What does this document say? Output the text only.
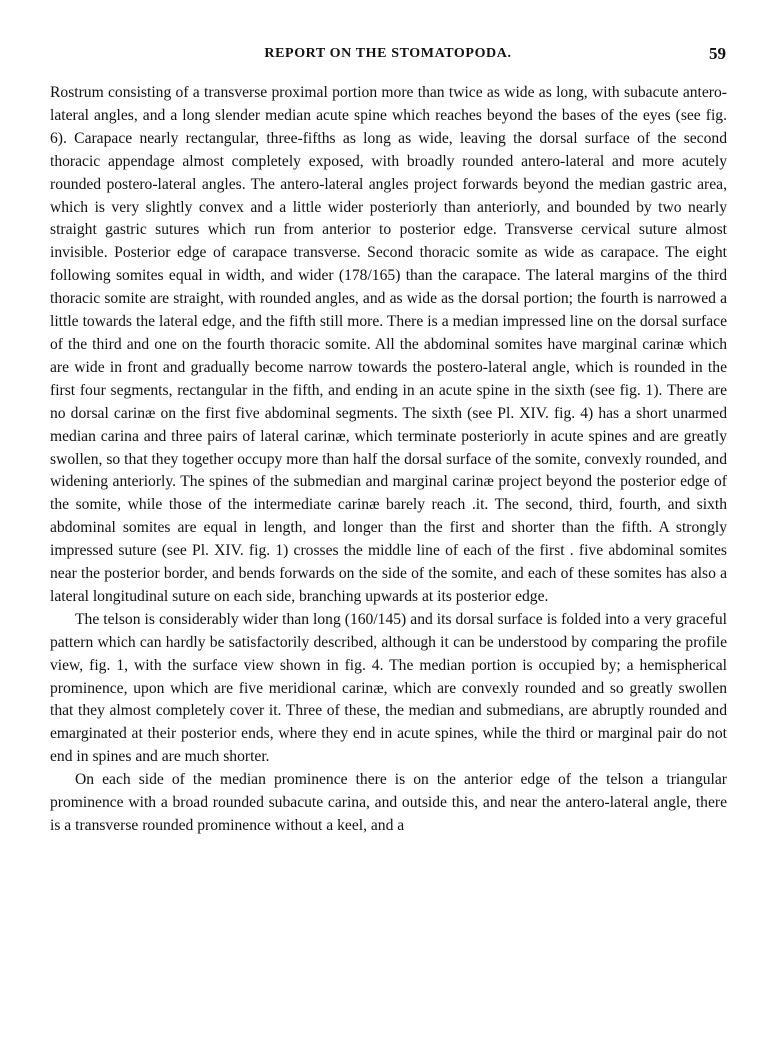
REPORT ON THE STOMATOPODA.	59

Rostrum consisting of a transverse proximal portion more than twice as wide as long, with subacute antero-lateral angles, and a long slender median acute spine which reaches beyond the bases of the eyes (see fig. 6). Carapace nearly rectangular, three-fifths as long as wide, leaving the dorsal surface of the second thoracic appendage almost completely exposed, with broadly rounded antero-lateral and more acutely rounded postero-lateral angles. The antero-lateral angles project forwards beyond the median gastric area, which is very slightly convex and a little wider posteriorly than anteriorly, and bounded by two nearly straight gastric sutures which run from anterior to posterior edge. Transverse cervical suture almost invisible. Posterior edge of carapace transverse. Second thoracic somite as wide as carapace. The eight following somites equal in width, and wider (178/165) than the carapace. The lateral margins of the third thoracic somite are straight, with rounded angles, and as wide as the dorsal portion; the fourth is narrowed a little towards the lateral edge, and the fifth still more. There is a median impressed line on the dorsal surface of the third and one on the fourth thoracic somite. All the abdominal somites have marginal carinæ which are wide in front and gradually become narrow towards the postero-lateral angle, which is rounded in the first four segments, rectangular in the fifth, and ending in an acute spine in the sixth (see fig. 1). There are no dorsal carinæ on the first five abdominal segments. The sixth (see Pl. XIV. fig. 4) has a short unarmed median carina and three pairs of lateral carinæ, which terminate posteriorly in acute spines and are greatly swollen, so that they together occupy more than half the dorsal surface of the somite, convexly rounded, and widening anteriorly. The spines of the submedian and marginal carinæ project beyond the posterior edge of the somite, while those of the intermediate carinæ barely reach .it. The second, third, fourth, and sixth abdominal somites are equal in length, and longer than the first and shorter than the fifth. A strongly impressed suture (see Pl. XIV. fig. 1) crosses the middle line of each of the first . five abdominal somites near the posterior border, and bends forwards on the side of the somite, and each of these somites has also a lateral longitudinal suture on each side, branching upwards at its posterior edge.

The telson is considerably wider than long (160/145) and its dorsal surface is folded into a very graceful pattern which can hardly be satisfactorily described, although it can be understood by comparing the profile view, fig. 1, with the surface view shown in fig. 4. The median portion is occupied by; a hemispherical prominence, upon which are five meridional carinæ, which are convexly rounded and so greatly swollen that they almost completely cover it. Three of these, the median and submedians, are abruptly rounded and emarginated at their posterior ends, where they end in acute spines, while the third or marginal pair do not end in spines and are much shorter.

On each side of the median prominence there is on the anterior edge of the telson a triangular prominence with a broad rounded subacute carina, and outside this, and near the antero-lateral angle, there is a transverse rounded prominence without a keel, and a
